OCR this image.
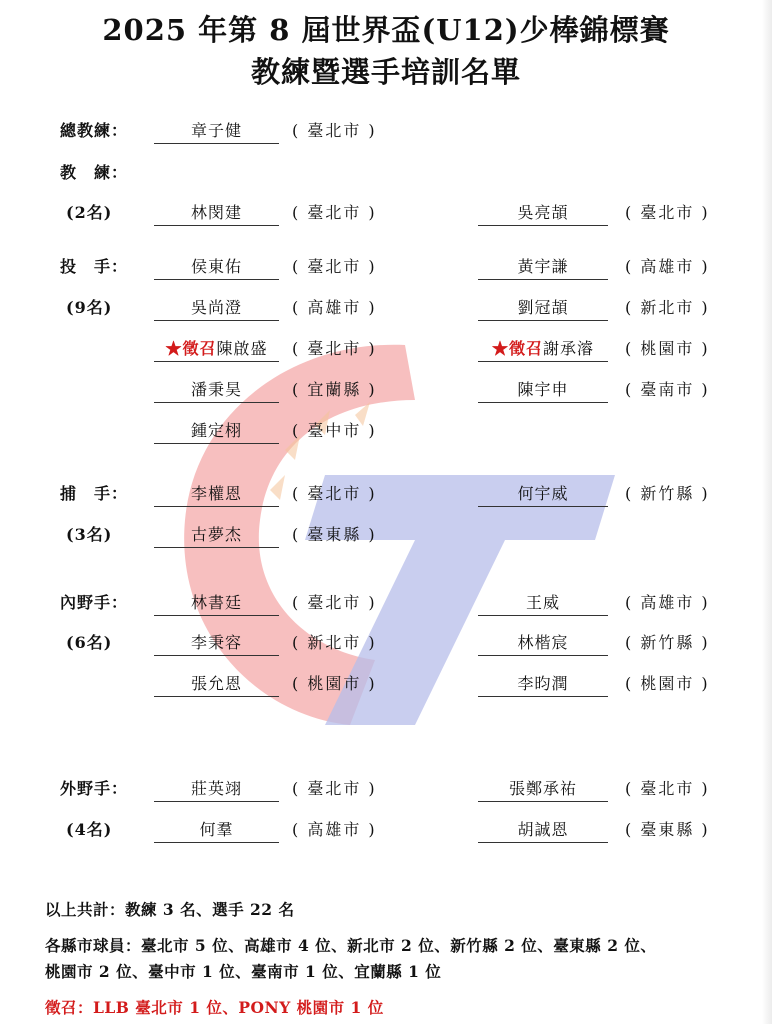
2025 年第 8 屆世界盃(U12)少棒錦標賽
教練暨選手培訓名單
總教練：	章子健	( 臺北市 )
教　練：
(2名)	林閔建	( 臺北市 )	吳亮頡	( 臺北市 )
投　手：	侯東佑	( 臺北市 )	黃宇謙	( 高雄市 )
(9名)	吳尚澄	( 高雄市 )	劉冠頡	( 新北市 )
★徵召陳啟盛	( 臺北市 )	★徵召謝承濬	( 桃園市 )
潘秉昊	( 宜蘭縣 )	陳宇申	( 臺南市 )
鍾定栩	( 臺中市 )
捕　手：	李權恩	( 臺北市 )	何宇威	( 新竹縣 )
(3名)	古夢杰	( 臺東縣 )
內野手：	林書廷	( 臺北市 )	王威	( 高雄市 )
(6名)	李秉容	( 新北市 )	林楷宸	( 新竹縣 )
張允恩	( 桃園市 )	李昀潤	( 桃園市 )
外野手：	莊英翊	( 臺北市 )	張鄭承祐	( 臺北市 )
(4名)	何羣	( 高雄市 )	胡誠恩	( 臺東縣 )
以上共計：教練 3 名、選手 22 名
各縣市球員：臺北市 5 位、高雄市 4 位、新北市 2 位、新竹縣 2 位、臺東縣 2 位、
桃園市 2 位、臺中市 1 位、臺南市 1 位、宜蘭縣 1 位
徵召：LLB 臺北市 1 位、PONY 桃園市 1 位
